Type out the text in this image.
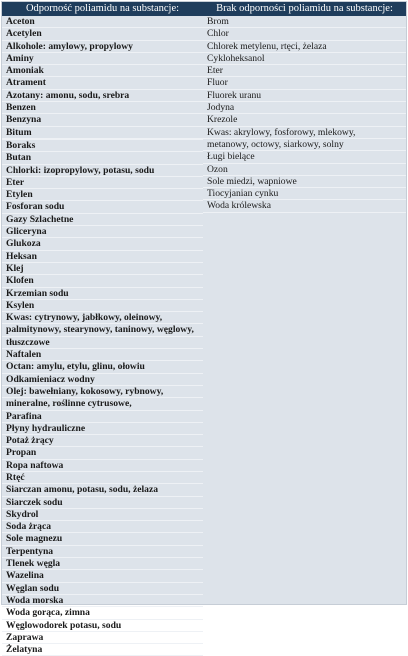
Odporność poliamidu na substancje:	Brak odporności poliamidu na substancje:
Aceton
Acetylen
Alkohole: amylowy, propylowy
Aminy
Amoniak
Atrament
Azotany: amonu, sodu, srebra
Benzen
Benzyna
Bitum
Boraks
Butan
Chlorki: izopropylowy, potasu, sodu
Eter
Etylen
Fosforan sodu
Gazy Szlachetne
Gliceryna
Glukoza
Heksan
Klej
Klofen
Krzemian sodu
Ksylen
Kwas: cytrynowy, jabłkowy, oleinowy,
palmitynowy, stearynowy, taninowy, węglowy,
tłuszczowe
Naftalen
Octan: amylu, etylu, glinu, ołowiu
Odkamieniacz wodny
Olej: bawełniany, kokosowy, rybnowy,
mineralne, roślinne cytrusowe,
Parafina
Płyny hydrauliczne
Potaż żrący
Propan
Ropa naftowa
Rtęć
Siarczan amonu, potasu, sodu, żelaza
Siarczek sodu
Skydrol
Soda żrąca
Sole magnezu
Terpentyna
Tlenek węgla
Wazelina
Węglan sodu
Woda morska
Woda gorąca, zimna
Węglowodorek potasu, sodu
Zaprawa
Żelatyna
Brom
Chlor
Chlorek metylenu, rtęci, żelaza
Cykloheksanol
Eter
Fluor
Fluorek uranu
Jodyna
Krezole
Kwas: akrylowy, fosforowy, mlekowy,
metanowy, octowy, siarkowy, solny
Ługi bielące
Ozon
Sole miedzi, wapniowe
Tiocyjanian cynku
Woda królewska
